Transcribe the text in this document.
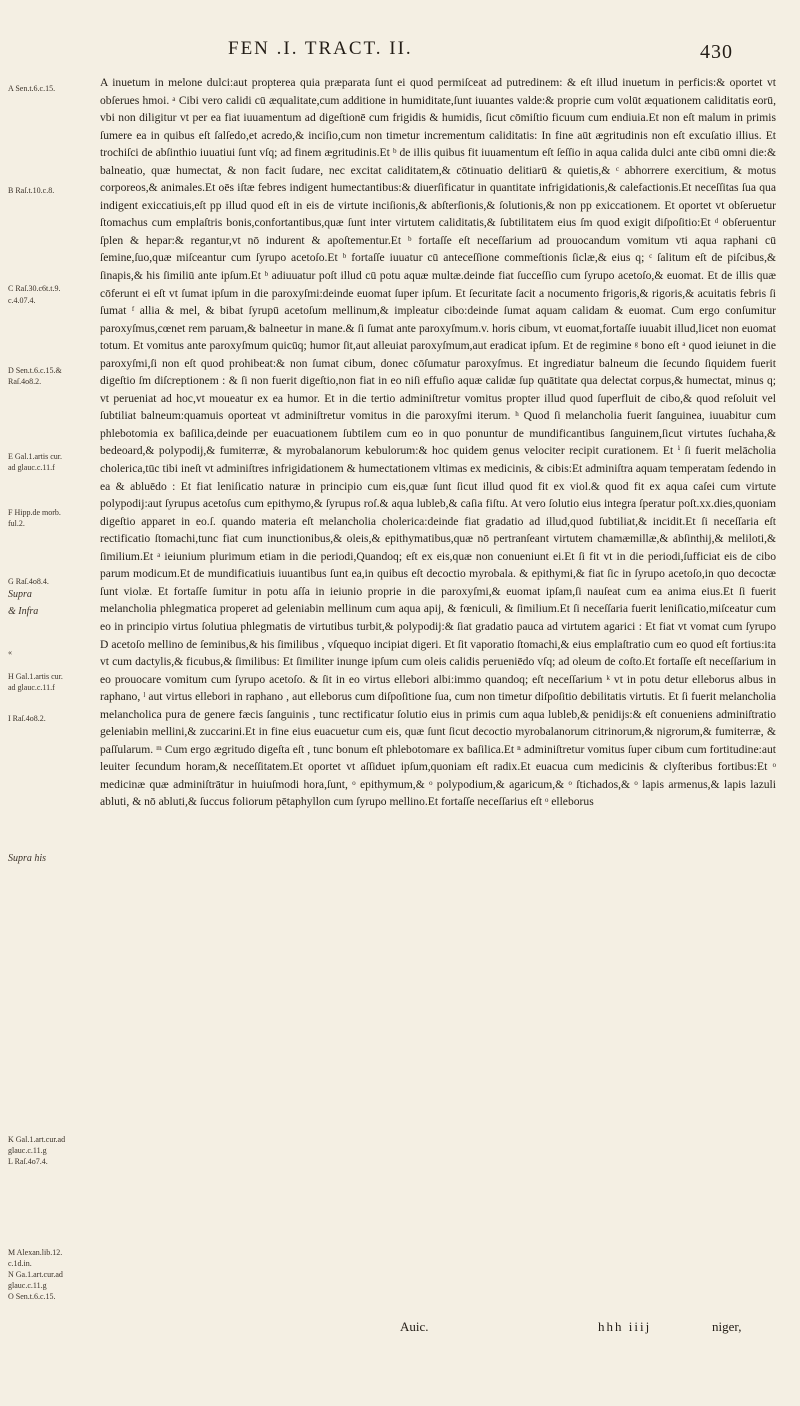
FEN .I. TRACT. II.	430
A Sen.t.6.c.15.
B Raſ.t.10.c.8.
C Raſ.30.c6t.t.9.
c.4.07.4.
D Sen.t.6.c.15.&
Raſ.4o8.2.
E Gal.1.artis cur.
ad glauc.c.11.f
F Hipp.de morb.
ful.2.
G Raſ.4o8.4.
Supra
& Infra
«
H Gal.1.artis cur.
ad glauc.c.11.f
I Raſ.4o8.2.
Supra his
K Gal.1.art.cur.ad
glauc.c.11.g
L Raſ.4o7.4.
M Alexan.lib.12.
c.1d.in.
N Ga.1.art.cur.ad
glauc.c.11.g
O Sen.t.6.c.15.

A inuetum in melone dulci:aut propterea quia præparata ſunt ei quod permiſceat ad putredinem: & eſt illud inuetum in perficis:& oportet vt obſerues hmoi. ᵃ Cibi vero calidi cū æqualitate,cum additione in humiditate,ſunt iuuantes valde:& proprie cum volūt æquationem caliditatis eorū, vbi non diligitur vt per ea fiat iuuamentum ad digeſtionē cum frigidis & humidis, ſicut cōmiſtio ficuum cum endiuia.Et non eſt malum in primis ſumere ea in quibus eſt ſalſedo,et acredo,& inciſio,cum non timetur incrementum caliditatis: In fine aūt ægritudinis non eſt excuſatio illius. Et trochiſci de abſinthio iuuatiui ſunt vſq; ad finem ægritudinis.Et ᵇ de illis quibus fit iuuamentum eſt ſeſſio in aqua calida dulci ante cibū omni die:& balneatio, quæ humectat, & non facit ſudare, nec excitat caliditatem,& cōtinuatio delitiarū & quietis,& ᶜ abhorrere exercitium, & motus corporeos,& animales.Et oēs iſtæ febres indigent humectantibus:& diuerſificatur in quantitate infrigidationis,& calefactionis.Et neceſſitas ſua qua indigent exiccatiuis,eſt pp illud quod eſt in eis de virtute inciſionis,& abſterſionis,& ſolutionis,& non pp exiccationem. Et oportet vt obſeruetur ſtomachus cum emplaſtris bonis,confortantibus,quæ ſunt inter virtutem caliditatis,& ſubtilitatem eius ſm quod exigit diſpoſitio:Et ᵈ obſeruentur ſplen & hepar:& regantur,vt nō indurent & apoſtementur.Et ᵇ fortaſſe eſt neceſſarium ad prouocandum vomitum vti aqua raphani cū ſemine,ſuo,quæ miſceantur cum ſyrupo acetoſo.Et ᵇ fortaſſe iuuatur cū anteceſſione commeſtionis ſiclæ,& eius q; ᶜ ſalitum eſt de piſcibus,& ſinapis,& his ſimiliū ante ipſum.Et ᵇ adiuuatur poſt illud cū potu aquæ multæ.deinde fiat ſucceſſio cum ſyrupo acetoſo,& euomat. Et de illis quæ cōferunt ei eſt vt ſumat ipſum in die paroxyſmi:deinde euomat ſuper ipſum. Et ſecuritate ſacit a nocumento frigoris,& rigoris,& acuitatis febris ſi ſumat ᶠ allia & mel, & bibat ſyrupū acetoſum mellinum,& impleatur cibo:deinde ſumat aquam calidam & euomat. Cum ergo conſumitur paroxyſmus,cœnet rem paruam,& balneetur in mane.& ſi ſumat ante paroxyſmum.v. horis cibum, vt euomat,fortaſſe iuuabit illud,licet non euomat totum. Et vomitus ante paroxyſmum quicūq; humor ſit,aut alleuiat paroxyſmum,aut eradicat ipſum. Et de regimine ᵍ bono eſt ᵃ quod ieiunet in die paroxyſmi,ſi non eſt quod prohibeat:& non ſumat cibum, donec cōſumatur paroxyſmus. Et ingrediatur balneum die ſecundo ſiquidem fuerit digeſtio ſm diſcreptionem : & ſi non fuerit digeſtio,non fiat in eo niſi effuſio aquæ calidæ ſup quātitate qua delectat corpus,& humectat, minus q; vt perueniat ad hoc,vt moueatur ex ea humor. Et in die tertio adminiſtretur vomitus propter illud quod ſuperfluit de cibo,& quod reſoluit vel ſubtiliat balneum:quamuis oporteat vt adminiſtretur vomitus in die paroxyſmi iterum. ʰ Quod ſi melancholia fuerit ſanguinea, iuuabitur cum phlebotomia ex baſilica,deinde per euacuationem ſubtilem cum eo in quo ponuntur de mundificantibus ſanguinem,ſicut virtutes ſuchaha,& bedeoard,& polypodij,& fumiterræ, & myrobalanorum kebulorum:& hoc quidem genus velociter recipit curationem. Et ⁱ ſi fuerit melācholia cholerica,tūc tibi ineſt vt adminiſtres infrigidationem & humectationem vltimas ex medicinis, & cibis:Et adminiſtra aquam temperatam ſedendo in ea & abluēdo : Et fiat leniſicatio naturæ in principio cum eis,quæ ſunt ſicut illud quod fit ex viol.& quod fit ex aqua caſei cum virtute polypodij:aut ſyrupus acetoſus cum epithymo,& ſyrupus roſ.& aqua lubleb,& caſia fiſtu. At vero ſolutio eius integra ſperatur poſt.xx.dies,quoniam digeſtio apparet in eo.ſ. quando materia eſt melancholia cholerica:deinde fiat gradatio ad illud,quod ſubtiliat,& incidit.Et ſi neceſſaria eſt rectificatio ſtomachi,tunc fiat cum inunctionibus,& oleis,& epithymatibus,quæ nō pertranſeant virtutem chamæmillæ,& abſinthij,& meliloti,& ſimilium.Et ᵃ ieiunium plurimum etiam in die periodi,Quandoq; eſt ex eis,quæ non conueniunt ei.Et ſi fit vt in die periodi,ſufficiat eis de cibo parum modicum.Et de mundificatiuis iuuantibus ſunt ea,in quibus eſt decoctio myrobala. & epithymi,& fiat ſic in ſyrupo acetoſo,in quo decoctæ ſunt violæ. Et fortaſſe ſumitur in potu aſſa in ieiunio proprie in die paroxyſmi,& euomat ipſam,ſi nauſeat cum ea anima eius.Et ſi fuerit melancholia phlegmatica properet ad geleniabin mellinum cum aqua apij, & fœniculi, & ſimilium.Et ſi neceſſaria fuerit leniſicatio,miſceatur cum eo in principio virtus ſolutiua phlegmatis de virtutibus turbit,& polypodij:& ſiat gradatio pauca ad virtutem agarici : Et fiat vt vomat cum ſyrupo D acetoſo mellino de ſeminibus,& his ſimilibus , vſquequo incipiat digeri. Et ſit vaporatio ſtomachi,& eius emplaſtratio cum eo quod eſt fortius:ita vt cum dactylis,& ficubus,& ſimilibus: Et ſimiliter inunge ipſum cum oleis calidis perueniēdo vſq; ad oleum de coſto.Et fortaſſe eſt neceſſarium in eo prouocare vomitum cum ſyrupo acetoſo. & ſit in eo virtus ellebori albi:immo quandoq; eſt neceſſarium ᵏ vt in potu detur elleborus albus in raphano, ˡ aut virtus ellebori in raphano , aut elleborus cum diſpoſitione ſua, cum non timetur diſpoſitio debilitatis virtutis. Et ſi fuerit melancholia melancholica pura de genere fæcis ſanguinis , tunc rectificatur ſolutio eius in primis cum aqua lubleb,& penidijs:& eſt conueniens adminiſtratio geleniabin mellini,& zuccarini.Et in fine eius euacuetur cum eis, quæ ſunt ſicut decoctio myrobalanorum citrinorum,& nigrorum,& fumiterræ, & paſſularum. ᵐ Cum ergo ægritudo digeſta eſt , tunc bonum eſt phlebotomare ex baſilica.Et ⁿ adminiſtretur vomitus ſuper cibum cum fortitudine:aut leuiter ſecundum horam,& neceſſitatem.Et oportet vt aſſiduet ipſum,quoniam eſt radix.Et euacua cum medicinis & clyſteribus fortibus:Et ᵒ medicinæ quæ adminiſtrātur in huiuſmodi hora,ſunt, ᵒ epithymum,& ᵒ polypodium,& agaricum,& ᵒ ſtichados,& ᵒ lapis armenus,& lapis lazuli abluti, & nō abluti,& ſuccus foliorum pētaphyllon cum ſyrupo mellino.Et fortaſſe neceſſarius eſt ᵒ elleborus

Auic.	hhh iiij	niger,
